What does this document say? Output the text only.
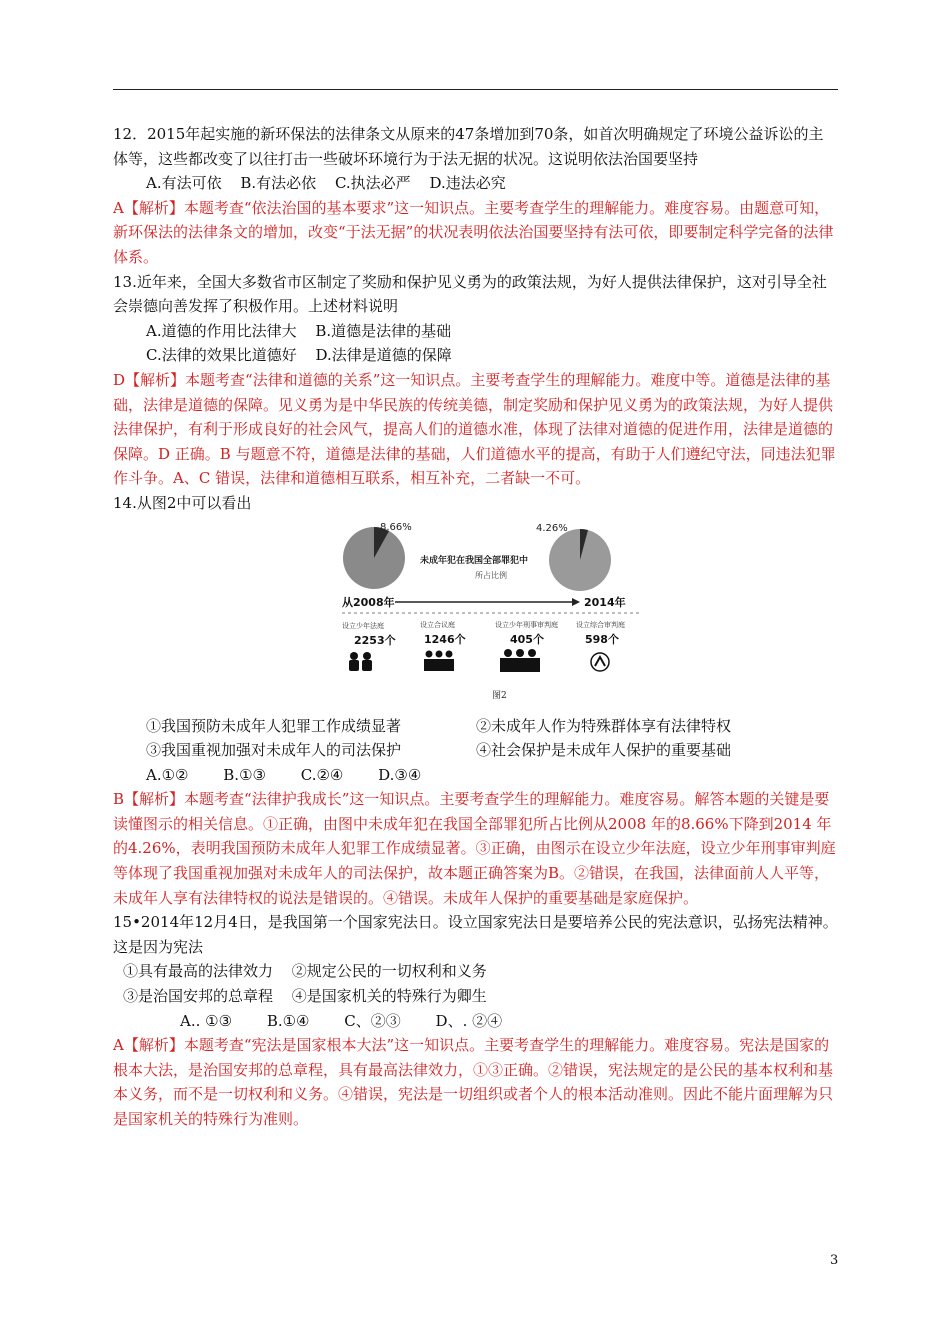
12．2015年起实施的新环保法的法律条文从原来的47条增加到70条，如首次明确规定了环境公益诉讼的主体等，这些都改变了以往打击一些破坏环境行为于法无据的状况。这说明依法治国要坚持

A.有法可依 B.有法必依 C.执法必严 D.违法必究

A【解析】本题考查“依法治国的基本要求”这一知识点。主要考查学生的理解能力。难度容易。由题意可知，新环保法的法律条文的增加，改变“于法无据”的状况表明依法治国要坚持有法可依，即要制定科学完备的法律体系。

13.近年来，全国大多数省市区制定了奖励和保护见义勇为的政策法规，为好人提供法律保护，这对引导全社会崇德向善发挥了积极作用。上述材料说明

A.道德的作用比法律大 B.道德是法律的基础

C.法律的效果比道德好 D.法律是道德的保障

D【解析】本题考查“法律和道德的关系”这一知识点。主要考查学生的理解能力。难度中等。道德是法律的基础，法律是道德的保障。见义勇为是中华民族的传统美德，制定奖励和保护见义勇为的政策法规，为好人提供法律保护，有利于形成良好的社会风气，提高人们的道德水准，体现了法律对道德的促进作用，法律是道德的保障。D 正确。B 与题意不符，道德是法律的基础，人们道德水平的提高，有助于人们遵纪守法，同违法犯罪作斗争。A、C 错误，法律和道德相互联系，相互补充，二者缺一不可。

14.从图2中可以看出

8.66%	4.26%
未成年犯在我国全部罪犯中
所占比例
从2008年	2014年
设立少年法庭	设立合议庭	设立少年刑事审判庭	设立综合审判庭
2253个	1246个	405个	598个
图2
①我国预防未成年人犯罪工作成绩显著	②未成年人作为特殊群体享有法律特权
③我国重视加强对未成年人的司法保护	④社会保护是未成年人保护的重要基础

A.①② B.①③ C.②④ D.③④

B【解析】本题考查“法律护我成长”这一知识点。主要考查学生的理解能力。难度容易。解答本题的关键是要读懂图示的相关信息。①正确，由图中未成年犯在我国全部罪犯所占比例从2008 年的8.66%下降到2014 年的4.26%，表明我国预防未成年人犯罪工作成绩显著。③正确，由图示在设立少年法庭，设立少年刑事审判庭等体现了我国重视加强对未成年人的司法保护，故本题正确答案为B。②错误，在我国，法律面前人人平等，未成年人享有法律特权的说法是错误的。④错误。未成年人保护的重要基础是家庭保护。

15•2014年12月4日，是我国第一个国家宪法日。设立国家宪法日是要培养公民的宪法意识，弘扬宪法精神。这是因为宪法

①具有最高的法律效力 ②规定公民的一切权利和义务

③是治国安邦的总章程 ④是国家机关的特殊行为卿生

A.. ①③ B.①④ C、②③ D、. ②④

A【解析】本题考查“宪法是国家根本大法”这一知识点。主要考查学生的理解能力。难度容易。宪法是国家的根本大法，是治国安邦的总章程，具有最高法律效力，①③正确。②错误，宪法规定的是公民的基本权利和基本义务，而不是一切权利和义务。④错误，宪法是一切组织或者个人的根本活动准则。因此不能片面理解为只是国家机关的特殊行为准则。

3
